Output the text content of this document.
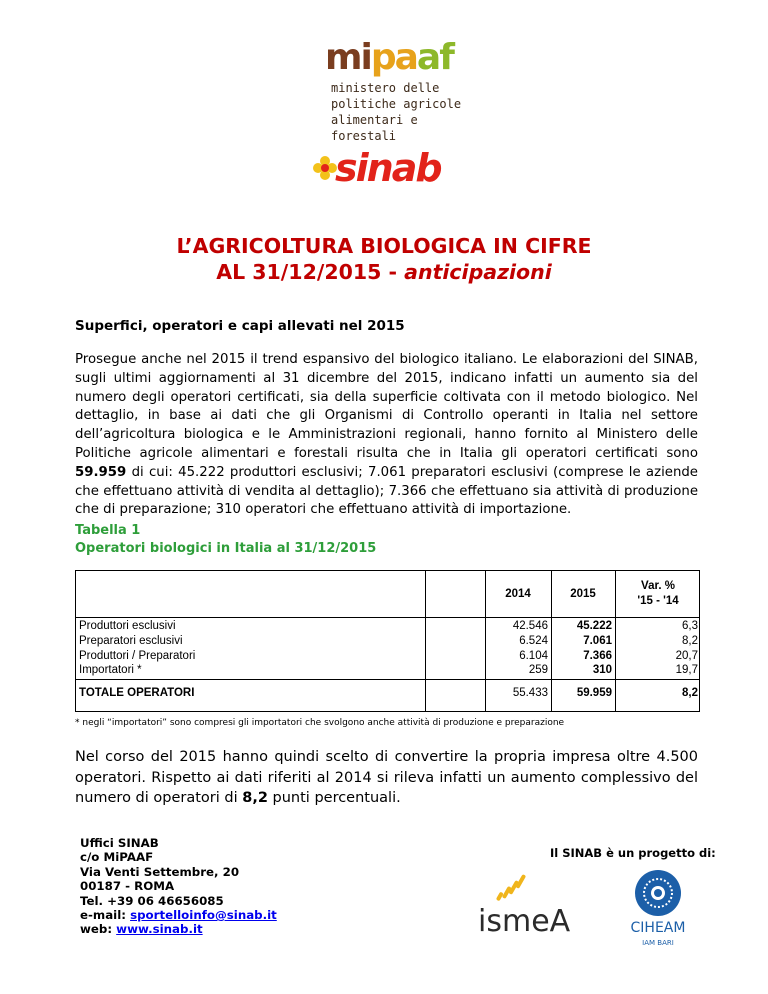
mipaaf
ministero delle
politiche agricole
alimentari e forestali
sinab
L’AGRICOLTURA BIOLOGICA IN CIFRE
AL 31/12/2015 - anticipazioni
Superfici, operatori e capi allevati nel 2015
Prosegue anche nel 2015 il trend espansivo del biologico italiano. Le elaborazioni del SINAB, sugli ultimi aggiornamenti al 31 dicembre del 2015, indicano infatti un aumento sia del numero degli operatori certificati, sia della superficie coltivata con il metodo biologico. Nel dettaglio, in base ai dati che gli Organismi di Controllo operanti in Italia nel settore dell’agricoltura biologica e le Amministrazioni regionali, hanno fornito al Ministero delle Politiche agricole alimentari e forestali risulta che in Italia gli operatori certificati sono 59.959 di cui: 45.222 produttori esclusivi; 7.061 preparatori esclusivi (comprese le aziende che effettuano attività di vendita al dettaglio); 7.366 che effettuano sia attività di produzione che di preparazione; 310 operatori che effettuano attività di importazione.
Tabella 1
Operatori biologici in Italia al 31/12/2015
2014	2015
Var. %
'15 - '14
Produttori esclusivi	42.546	45.222	6,3
Preparatori esclusivi	6.524	7.061	8,2
Produttori / Preparatori	6.104	7.366	20,7
Importatori *	259	310	19,7
TOTALE OPERATORI	55.433	59.959	8,2
* negli “importatori” sono compresi gli importatori che svolgono anche attività di produzione e preparazione
Nel corso del 2015 hanno quindi scelto di convertire la propria impresa oltre 4.500 operatori. Rispetto ai dati riferiti al 2014 si rileva infatti un aumento complessivo del numero di operatori di 8,2 punti percentuali.
Uffici SINAB
c/o MiPAAF
Via Venti Settembre, 20
00187 - ROMA
Tel. +39 06 46656085
e-mail: sportelloinfo@sinab.it
web: www.sinab.it
Il SINAB è un progetto di:
ismeA	CIHEAM
IAM BARI
